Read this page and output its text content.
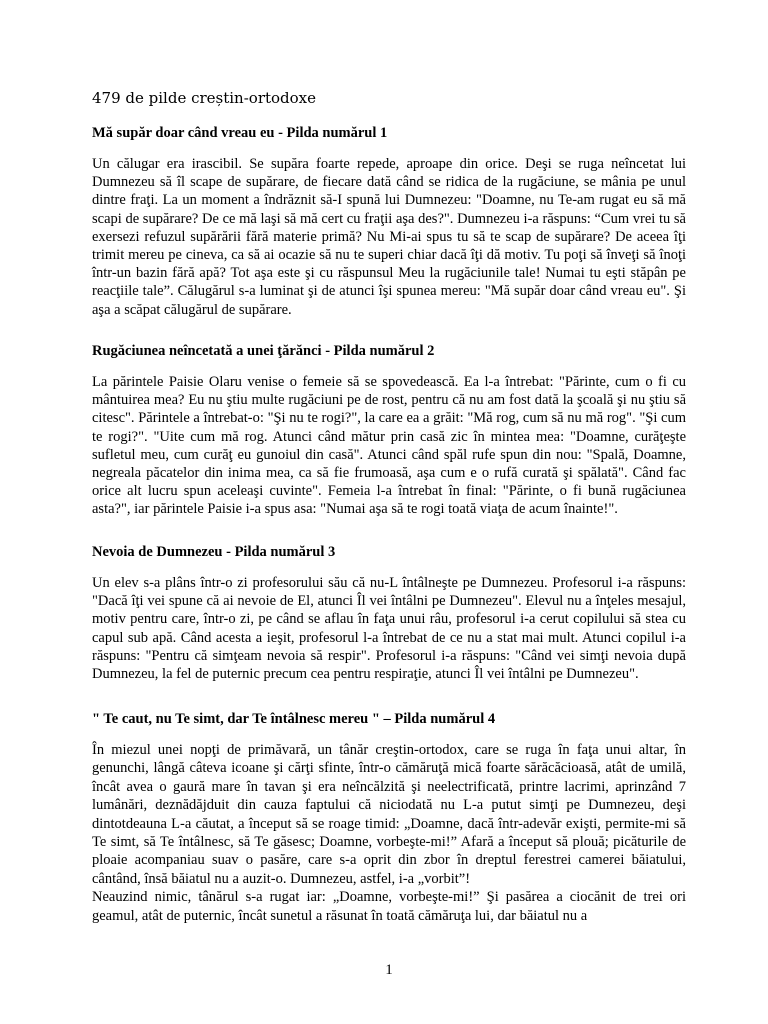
479 de pilde creștin-ortodoxe
Mă supăr doar când vreau eu - Pilda numărul 1

Un călugar era irascibil. Se supăra foarte repede, aproape din orice. Deşi se ruga neîncetat lui Dumnezeu să îl scape de supărare, de fiecare dată când se ridica de la rugăciune, se mânia pe unul dintre fraţi. La un moment a îndrăznit să-I spună lui Dumnezeu: "Doamne, nu Te-am rugat eu să mă scapi de supărare? De ce mă laşi să mă cert cu fraţii aşa des?". Dumnezeu i-a răspuns: “Cum vrei tu să exersezi refuzul supărării fără materie primă? Nu Mi-ai spus tu să te scap de supărare? De aceea îţi trimit mereu pe cineva, ca să ai ocazie să nu te superi chiar dacă îţi dă motiv. Tu poţi să înveţi să înoţi într-un bazin fără apă? Tot aşa este şi cu răspunsul Meu la rugăciunile tale! Numai tu eşti stăpân pe reacţiile tale”. Călugărul s-a luminat şi de atunci îşi spunea mereu: "Mă supăr doar când vreau eu". Şi aşa a scăpat călugărul de supărare.

Rugăciunea neîncetată a unei ţărănci - Pilda numărul 2

La părintele Paisie Olaru venise o femeie să se spovedească. Ea l-a întrebat: "Părinte, cum o fi cu mântuirea mea? Eu nu ştiu multe rugăciuni pe de rost, pentru că nu am fost dată la şcoală şi nu ştiu să citesc". Părintele a întrebat-o: "Şi nu te rogi?", la care ea a grăit: "Mă rog, cum să nu mă rog". "Şi cum te rogi?". "Uite cum mă rog. Atunci când mătur prin casă zic în mintea mea: "Doamne, curăţeşte sufletul meu, cum curăţ eu gunoiul din casă". Atunci când spăl rufe spun din nou: "Spală, Doamne, negreala păcatelor din inima mea, ca să fie frumoasă, aşa cum e o rufă curată şi spălată". Când fac orice alt lucru spun aceleaşi cuvinte". Femeia l-a întrebat în final: "Părinte, o fi bună rugăciunea asta?", iar părintele Paisie i-a spus asa: "Numai aşa să te rogi toată viaţa de acum înainte!".

Nevoia de Dumnezeu - Pilda numărul 3

Un elev s-a plâns într-o zi profesorului său că nu-L întâlneşte pe Dumnezeu. Profesorul i-a răspuns: "Dacă îţi vei spune că ai nevoie de El, atunci Îl vei întâlni pe Dumnezeu". Elevul nu a înţeles mesajul, motiv pentru care, într-o zi, pe când se aflau în faţa unui râu, profesorul i-a cerut copilului să stea cu capul sub apă. Când acesta a ieşit, profesorul l-a întrebat de ce nu a stat mai mult. Atunci copilul i-a răspuns: "Pentru că simţeam nevoia să respir". Profesorul i-a răspuns: "Când vei simţi nevoia după Dumnezeu, la fel de puternic precum cea pentru respiraţie, atunci Îl vei întâlni pe Dumnezeu".

" Te caut, nu Te simt, dar Te întâlnesc mereu " – Pilda numărul 4

În miezul unei nopţi de primăvară, un tânăr creştin-ortodox, care se ruga în faţa unui altar, în genunchi, lângă câteva icoane şi cărţi sfinte, într-o cămăruţă mică foarte sărăcăcioasă, atât de umilă, încât avea o gaură mare în tavan şi era neîncălzită şi neelectrificată, printre lacrimi, aprinzând 7 lumânări, deznădăjduit din cauza faptului că niciodată nu L-a putut simţi pe Dumnezeu, deşi dintotdeauna L-a căutat, a început să se roage timid: „Doamne, dacă într-adevăr exişti, permite-mi să Te simt, să Te întâlnesc, să Te găsesc; Doamne, vorbeşte-mi!” Afară a început să plouă; picăturile de ploaie acompaniau suav o pasăre, care s-a oprit din zbor în dreptul ferestrei camerei băiatului, cântând, însă băiatul nu a auzit-o. Dumnezeu, astfel, i-a „vorbit”!
Neauzind nimic, tânărul s-a rugat iar: „Doamne, vorbeşte-mi!” Şi pasărea a ciocănit de trei ori geamul, atât de puternic, încât sunetul a răsunat în toată cămăruţa lui, dar băiatul nu a

1
